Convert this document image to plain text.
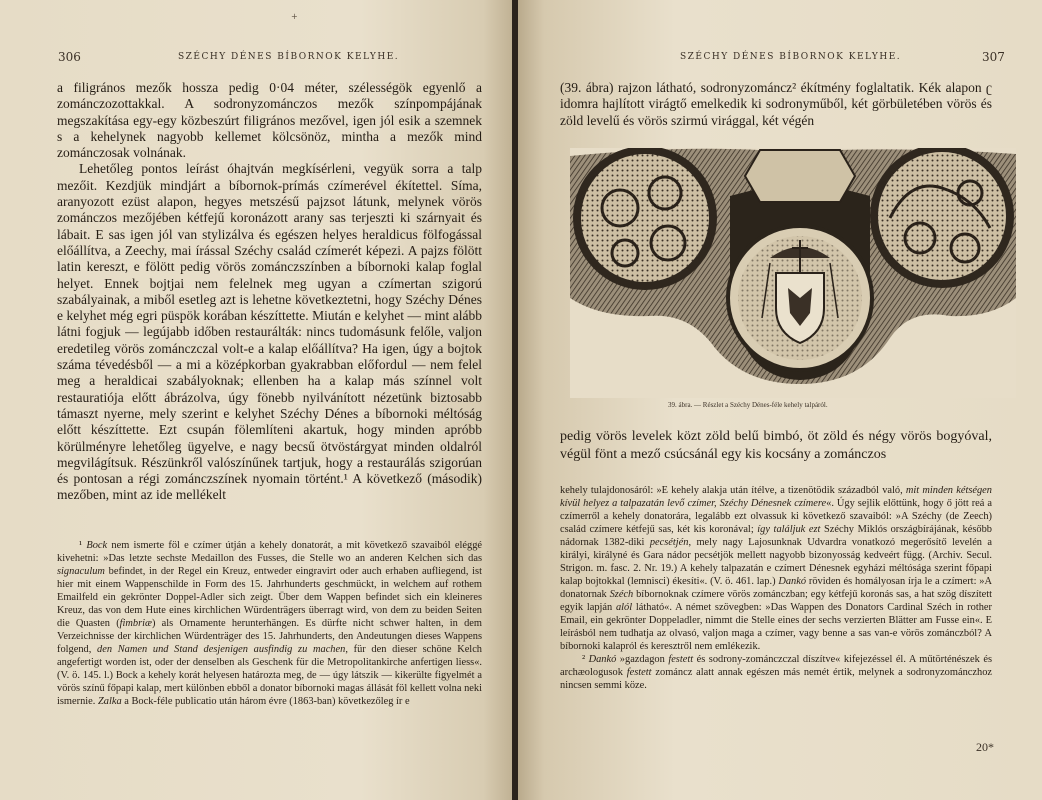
+
306	SZÉCHY DÉNES BÍBORNOK KELYHE.

a filigrános mezők hossza pedig 0·04 méter, szélességök egyenlő a zománczozottakkal. A sodronyzománczos mezők színpompájának megszakítása egy-egy közbeszúrt filigrános mezővel, igen jól esik a szemnek s a kehelynek nagyobb kellemet kölcsönöz, mintha a mezők mind zománczosak volnának.

Lehetőleg pontos leírást óhajtván megkísérleni, vegyük sorra a talp mezőit. Kezdjük mindjárt a bíbornok-prímás czímerével ékítettel. Síma, aranyozott ezüst alapon, hegyes metszésű pajzsot látunk, melynek vörös zománczos mezőjében kétfejű koronázott arany sas terjeszti ki szárnyait és lábait. E sas igen jól van stylizálva és egészen helyes heraldicus fölfogással előállítva, a Zeechy, mai írással Széchy család czímerét képezi. A pajzs fölött latin kereszt, e fölött pedig vörös zománczszínben a bíbornoki kalap foglal helyet. Ennek bojtjai nem felelnek meg ugyan a czímertan szigorú szabályainak, a miből esetleg azt is lehetne következtetni, hogy Széchy Dénes e kelyhet még egri püspök korában készíttette. Miután e kelyhet — mint alább látni fogjuk — legújabb időben restaurálták: nincs tudomásunk felőle, valjon eredetileg vörös zománczczal volt-e a kalap előállítva? Ha igen, úgy a bojtok száma tévedésből — a mi a középkorban gyakrabban előfordul — nem felel meg a heraldicai szabályoknak; ellenben ha a kalap más színnel volt restauratiója előtt ábrázolva, úgy fönebb nyilvánított nézetünk biztosabb támaszt nyerne, mely szerint e kelyhet Széchy Dénes a bíbornoki méltóság előtt készíttette. Ezt csupán fölemlíteni akartuk, hogy minden apróbb körülményre lehetőleg ügyelve, e nagy becsű ötvöstárgyat minden oldalról megvilágítsuk. Részünkről valószínűnek tartjuk, hogy a restaurálás szigorúan és pontosan a régi zománczszínek nyomain történt.¹ A következő (második) mezőben, mint az ide mellékelt

¹ Bock nem ismerte föl e czímer útján a kehely donatorát, a mit következő szavaiból eléggé kivehetni: »Das letzte sechste Medaillon des Fusses, die Stelle wo an anderen Kelchen sich das signaculum befindet, in der Regel ein Kreuz, entweder eingravirt oder auch erhaben aufliegend, ist hier mit einem Wappenschilde in Form des 15. Jahrhunderts geschmückt, in welchem auf rothem Emailfeld ein gekrönter Doppel-Adler sich zeigt. Über dem Wappen befindet sich ein kleineres Kreuz, das von dem Hute eines kirchlichen Würdenträgers überragt wird, von dem zu beiden Seiten die Quasten (fimbriæ) als Ornamente herunterhängen. Es dürfte nicht schwer halten, in dem Verzeichnisse der kirchlichen Würdenträger des 15. Jahrhunderts, den Andeutungen dieses Wappens folgend, den Namen und Stand desjenigen ausfindig zu machen, für den dieser schöne Kelch angefertigt worden ist, oder der denselben als Geschenk für die Metropolitankirche anfertigen liess«. (V. ö. 145. l.) Bock a kehely korát helyesen határozta meg, de — úgy látszik — kikerülte figyelmét a vörös színű főpapi kalap, mert különben ebből a donator bíbornoki magas állását föl kellett volna neki ismernie. Zalka a Bock-féle publicatio után három évre (1863-ban) következőleg ír e

SZÉCHY DÉNES BÍBORNOK KELYHE.	307
(39. ábra) rajzon látható, sodronyzománcz² ékítmény foglaltatik. Kék alapon ʗ idomra hajlított virágtő emelkedik ki sodronyműből, két görbületében vörös és zöld levelű és vörös szirmú virággal, két végén
39. ábra. — Részlet a Széchy Dénes-féle kehely talpáról.
pedig vörös levelek közt zöld belű bimbó, öt zöld és négy vörös bogyóval, végül fönt a mező csúcsánál egy kis kocsány a zománczos

kehely tulajdonosáról: »E kehely alakja után ítélve, a tizenötödik századból való, mit minden kétségen kívül helyez a talpazatán levő czímer, Széchy Dénesnek czímere«. Úgy sejlik előttünk, hogy ő jött reá a czímerről a kehely donatorára, legalább ezt olvassuk ki következő szavaiból: »A Széchy (de Zeech) család czímere kétfejű sas, két kis koronával; így találjuk ezt Széchy Miklós országbírájának, később nádornak 1382-diki pecsétjén, mely nagy Lajosunknak Udvardra vonatkozó megerősítő levelén a királyi, királyné és Gara nádor pecsétjök mellett nagyobb bizonyosság kedveért függ. (Archiv. Secul. Strigon. m. fasc. 2. Nr. 19.) A kehely talpazatán e czímert Dénesnek egyházi méltósága szerint főpapi kalap bojtokkal (lemnisci) ékesíti«. (V. ö. 461. lap.) Dankó röviden és homályosan írja le a czímert: »A donatornak Széch bíbornoknak czímere vörös zománczban; egy kétfejű koronás sas, a hat szög díszített egyik lapján alól látható«. A német szövegben: »Das Wappen des Donators Cardinal Széch in rother Email, ein gekrönter Doppeladler, nimmt die Stelle eines der sechs verzierten Blätter am Fusse ein«. E leírásból nem tudhatja az olvasó, valjon maga a czímer, vagy benne a sas van-e vörös zománczból? A bíbornoki kalapról és keresztről nem emlékezik.

² Dankó »gazdagon festett és sodrony-zománczczal díszítve« kifejezéssel él. A műtörténészek és archæologusok festett zománcz alatt annak egészen más nemét értik, melynek a sodronyzománczhoz nincsen semmi köze.

20*
